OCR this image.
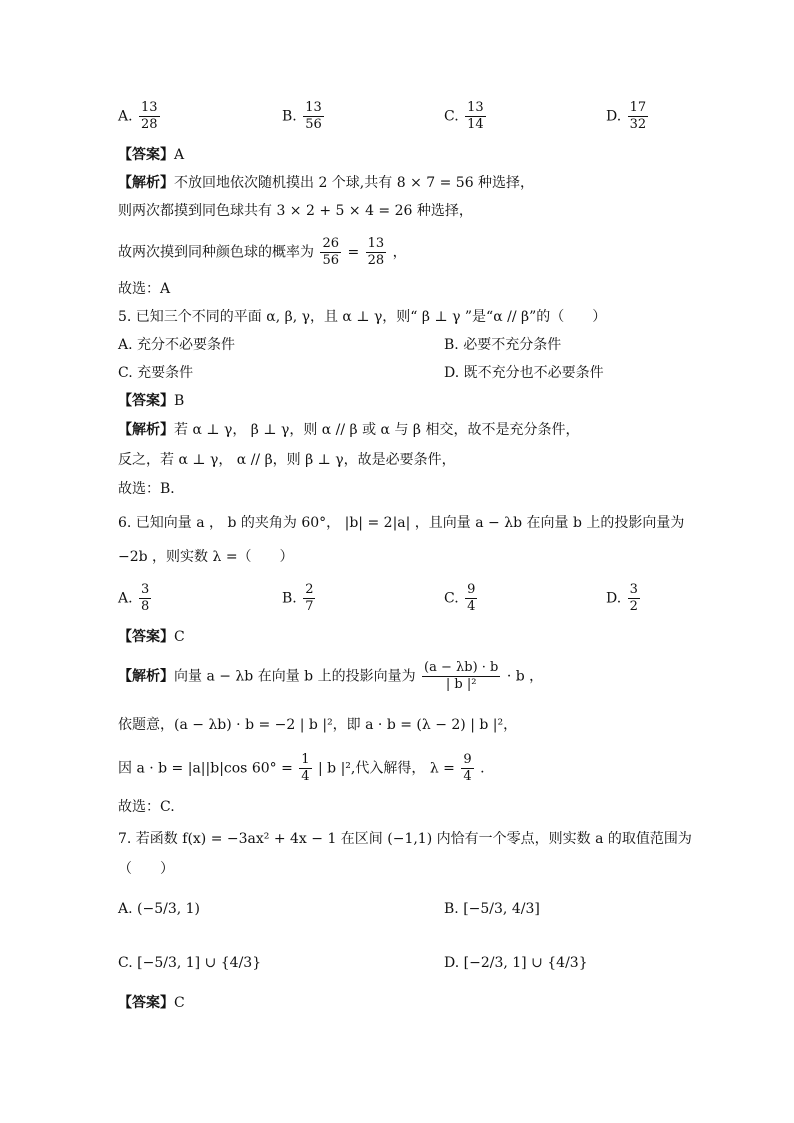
A. $\frac{13}{28}$	B. $\frac{13}{56}$	C. $\frac{13}{14}$	D. $\frac{17}{32}$
【答案】A
【解析】不放回地依次随机摸出 2 个球,共有 8 × 7 = 56 种选择，
则两次都摸到同色球共有 3 × 2 + 5 × 4 = 26 种选择，
故两次摸到同种颜色球的概率为 $\frac{26}{56} = \frac{13}{28}$ ，
故选：A
5. 已知三个不同的平面 α, β, γ，且 α ⊥ γ，则“ β ⊥ γ ”是“α // β”的（　　）
A. 充分不必要条件	B. 必要不充分条件
C. 充要条件	D. 既不充分也不必要条件
【答案】B
【解析】若 α ⊥ γ， β ⊥ γ，则 α // β 或 α 与 β 相交，故不是充分条件，
反之，若 α ⊥ γ， α // β，则 β ⊥ γ，故是必要条件，
故选：B．
6. 已知向量 a ， b 的夹角为 60°， |b| = 2|a| ，且向量 a − λb 在向量 b 上的投影向量为
−2b ，则实数 λ =（　　）
A. $\frac{3}{8}$	B. $\frac{2}{7}$	C. $\frac{9}{4}$	D. $\frac{3}{2}$
【答案】C
【解析】向量 a − λb 在向量 b 上的投影向量为 $\frac{(a - \lambda b) \cdot b}{\text{| b |²}} \cdot b$ ，
依题意，(a − λb) · b = −2 | b |²，即 a · b = (λ − 2) | b |²，
因 a · b = |a||b|cos $60^\circ = \frac{1}{4}$ | b |²,代入解得， $\lambda = \frac{9}{4}$ .
故选：C.
7. 若函数 f(x) = −3ax² + 4x − 1 在区间 (−1,1) 内恰有一个零点，则实数 a 的取值范围为
（　　）
A. (−5/3, 1)	B. [−5/3, 4/3]
C. [−5/3, 1] ∪ {4/3}	D. [−2/3, 1] ∪ {4/3}
【答案】C
